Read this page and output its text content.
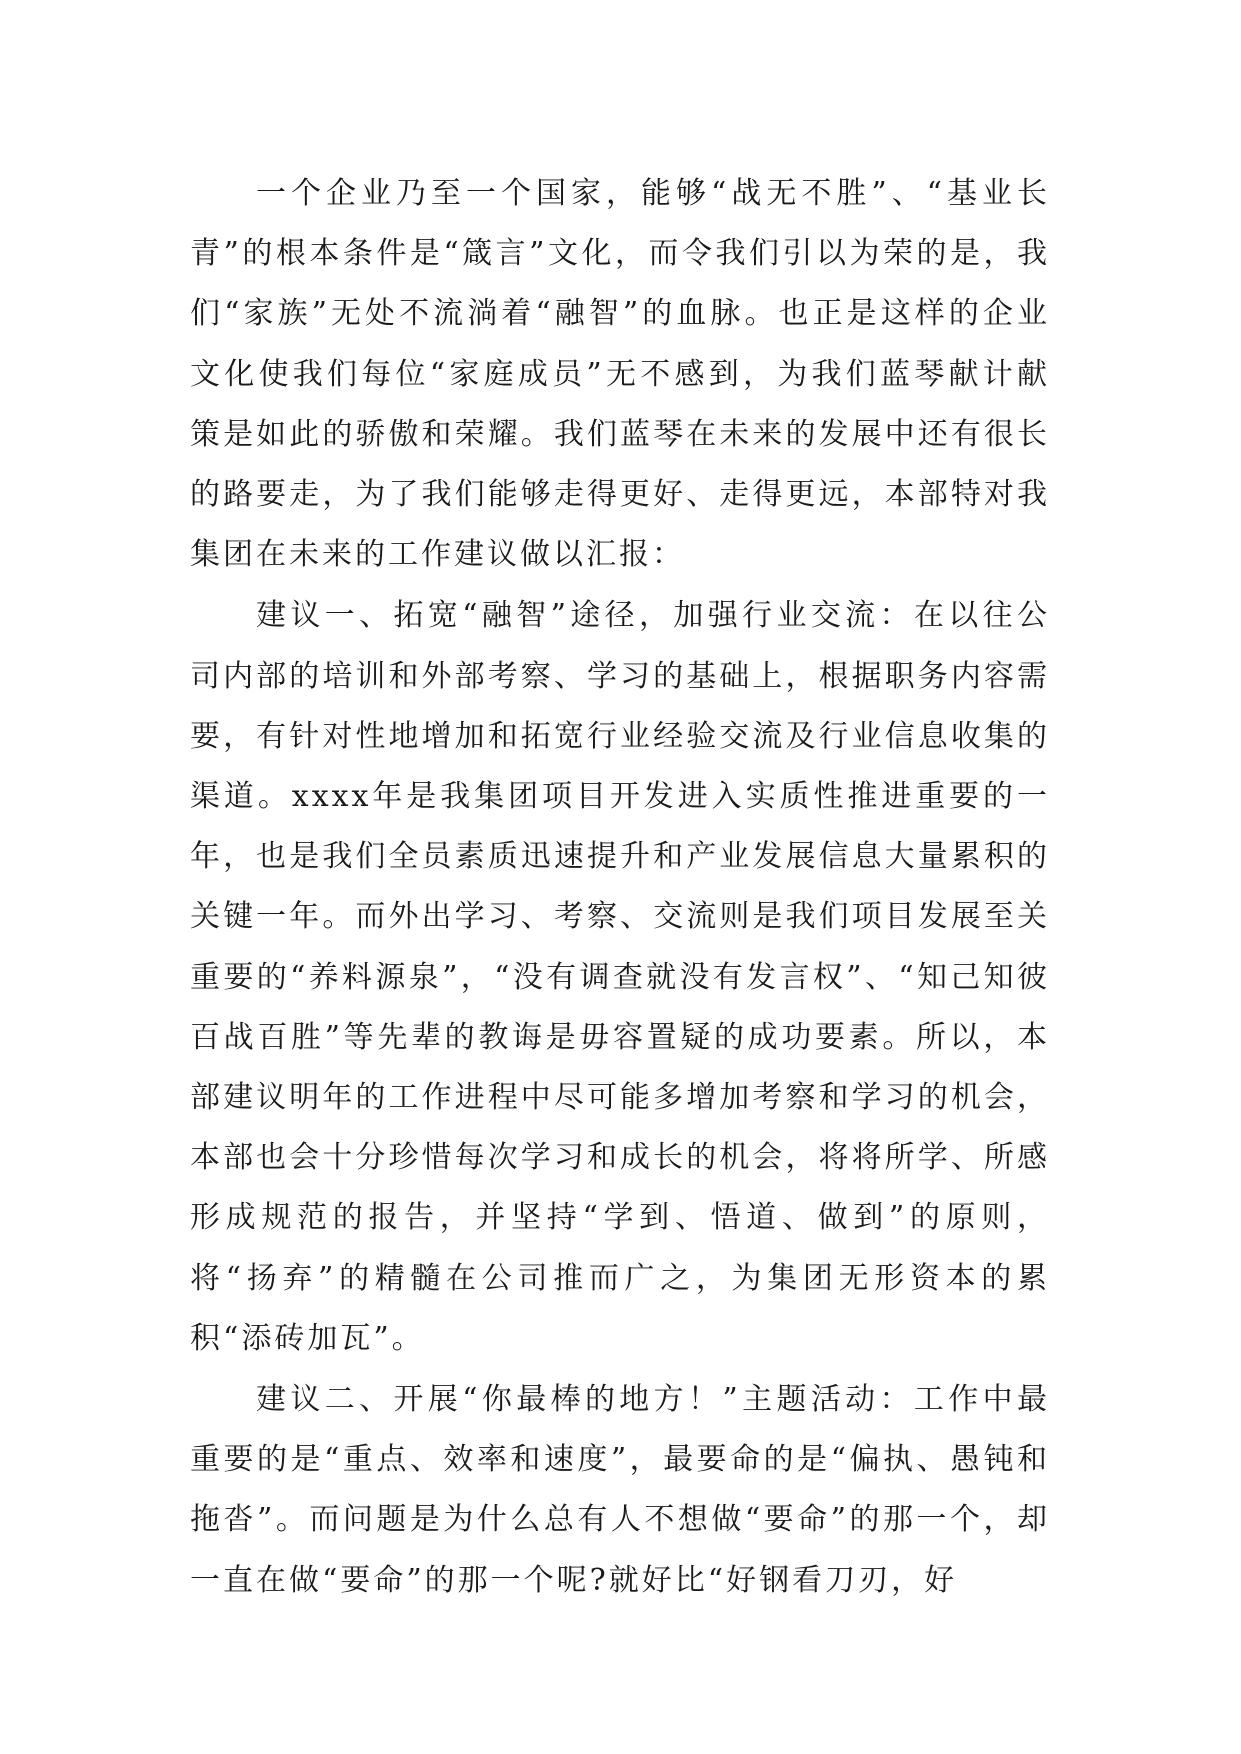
一个企业乃至一个国家，能够“战无不胜”、“基业长青”的根本条件是“箴言”文化，而令我们引以为荣的是，我们“家族”无处不流淌着“融智”的血脉。也正是这样的企业文化使我们每位“家庭成员”无不感到，为我们蓝琴献计献策是如此的骄傲和荣耀。我们蓝琴在未来的发展中还有很长的路要走，为了我们能够走得更好、走得更远，本部特对我集团在未来的工作建议做以汇报：

建议一、拓宽“融智”途径，加强行业交流：在以往公司内部的培训和外部考察、学习的基础上，根据职务内容需要，有针对性地增加和拓宽行业经验交流及行业信息收集的渠道。xxxx年是我集团项目开发进入实质性推进重要的一年，也是我们全员素质迅速提升和产业发展信息大量累积的关键一年。而外出学习、考察、交流则是我们项目发展至关重要的“养料源泉”，“没有调查就没有发言权”、“知己知彼百战百胜”等先辈的教诲是毋容置疑的成功要素。所以，本部建议明年的工作进程中尽可能多增加考察和学习的机会，本部也会十分珍惜每次学习和成长的机会，将将所学、所感形成规范的报告，并坚持“学到、悟道、做到”的原则，将“扬弃”的精髓在公司推而广之，为集团无形资本的累积“添砖加瓦”。

建议二、开展“你最棒的地方！”主题活动：工作中最重要的是“重点、效率和速度”，最要命的是“偏执、愚钝和拖沓”。而问题是为什么总有人不想做“要命”的那一个，却一直在做“要命”的那一个呢?就好比“好钢看刀刃，好
